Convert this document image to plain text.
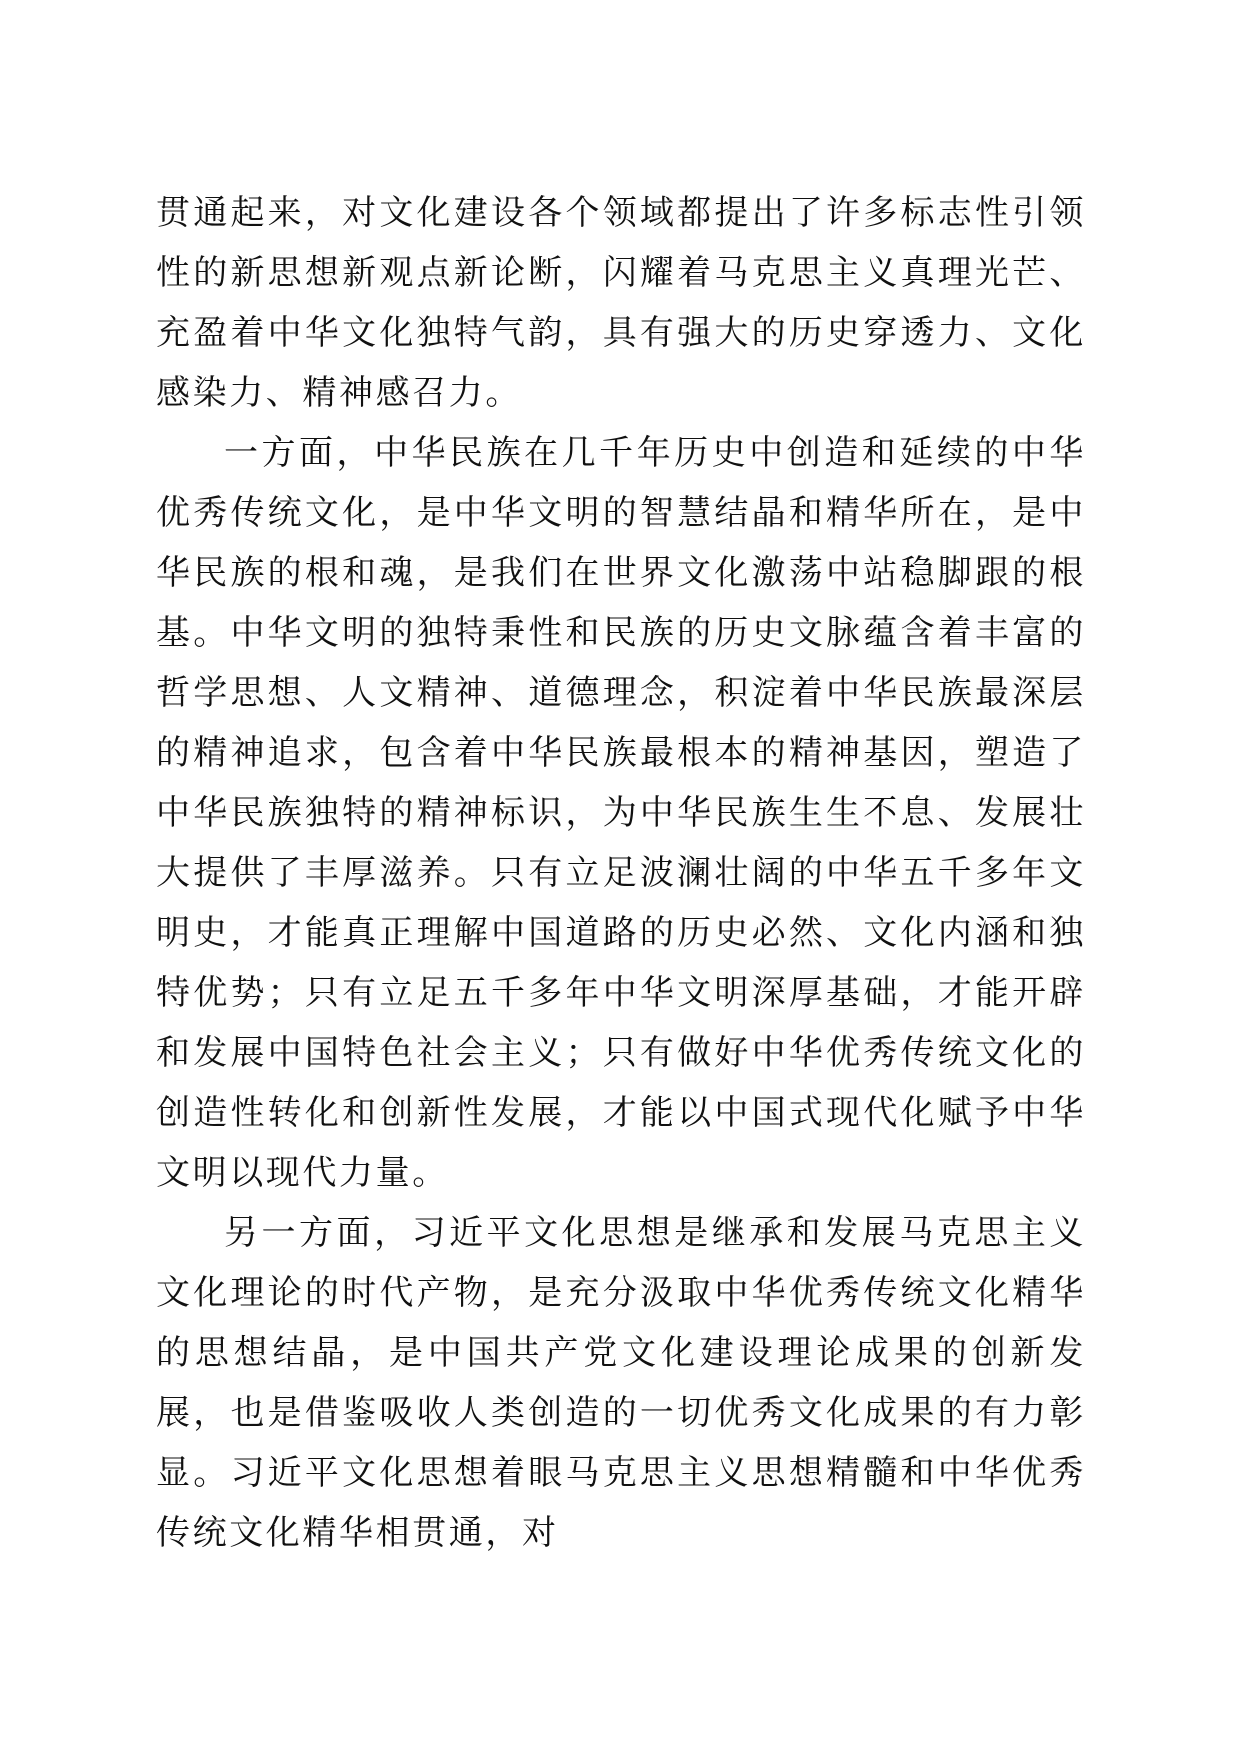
贯通起来，对文化建设各个领域都提出了许多标志性引领性的新思想新观点新论断，闪耀着马克思主义真理光芒、充盈着中华文化独特气韵，具有强大的历史穿透力、文化感染力、精神感召力。

一方面，中华民族在几千年历史中创造和延续的中华优秀传统文化，是中华文明的智慧结晶和精华所在，是中华民族的根和魂，是我们在世界文化激荡中站稳脚跟的根基。中华文明的独特秉性和民族的历史文脉蕴含着丰富的哲学思想、人文精神、道德理念，积淀着中华民族最深层的精神追求，包含着中华民族最根本的精神基因，塑造了中华民族独特的精神标识，为中华民族生生不息、发展壮大提供了丰厚滋养。只有立足波澜壮阔的中华五千多年文明史，才能真正理解中国道路的历史必然、文化内涵和独特优势；只有立足五千多年中华文明深厚基础，才能开辟和发展中国特色社会主义；只有做好中华优秀传统文化的创造性转化和创新性发展，才能以中国式现代化赋予中华文明以现代力量。

另一方面，习近平文化思想是继承和发展马克思主义文化理论的时代产物，是充分汲取中华优秀传统文化精华的思想结晶，是中国共产党文化建设理论成果的创新发展，也是借鉴吸收人类创造的一切优秀文化成果的有力彰显。习近平文化思想着眼马克思主义思想精髓和中华优秀传统文化精华相贯通，对
